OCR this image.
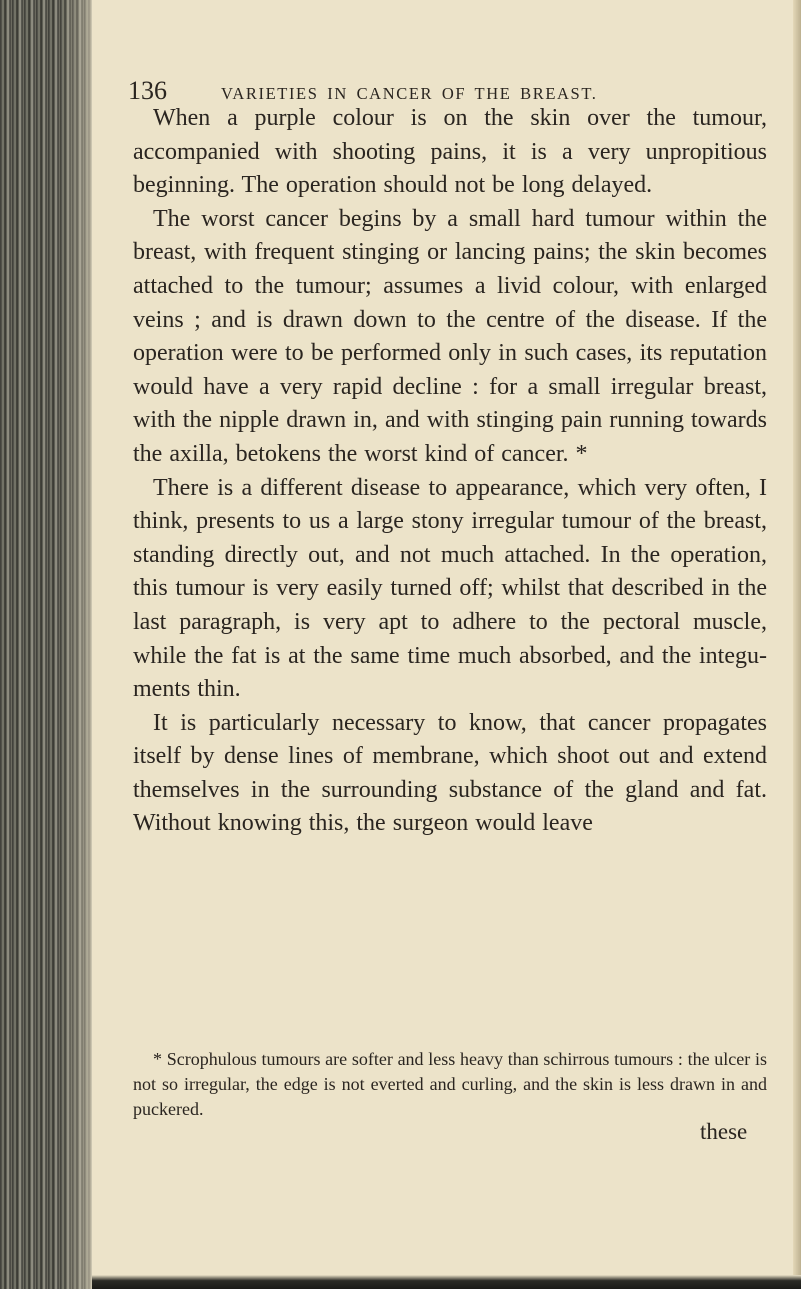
136	VARIETIES IN CANCER OF THE BREAST.

When a purple colour is on the skin over the tumour, accompanied with shooting pains, it is a very unpropitious beginning. The operation should not be long delayed.

The worst cancer begins by a small hard tumour within the breast, with frequent stinging or lancing pains; the skin becomes attached to the tumour; assumes a livid colour, with enlarged veins ; and is drawn down to the centre of the disease. If the operation were to be performed only in such cases, its reputation would have a very rapid decline : for a small irregular breast, with the nipple drawn in, and with stinging pain running towards the axilla, betokens the worst kind of cancer. *

There is a different disease to appearance, which very often, I think, presents to us a large stony irregular tumour of the breast, standing directly out, and not much attached. In the operation, this tumour is very easily turned off; whilst that described in the last paragraph, is very apt to adhere to the pectoral muscle, while the fat is at the same time much absorbed, and the integu- ments thin.

It is particularly necessary to know, that cancer propagates itself by dense lines of membrane, which shoot out and extend themselves in the surrounding substance of the gland and fat. Without knowing this, the surgeon would leave

* Scrophulous tumours are softer and less heavy than schirrous tumours : the ulcer is not so irregular, the edge is not everted and curling, and the skin is less drawn in and puckered.

these
